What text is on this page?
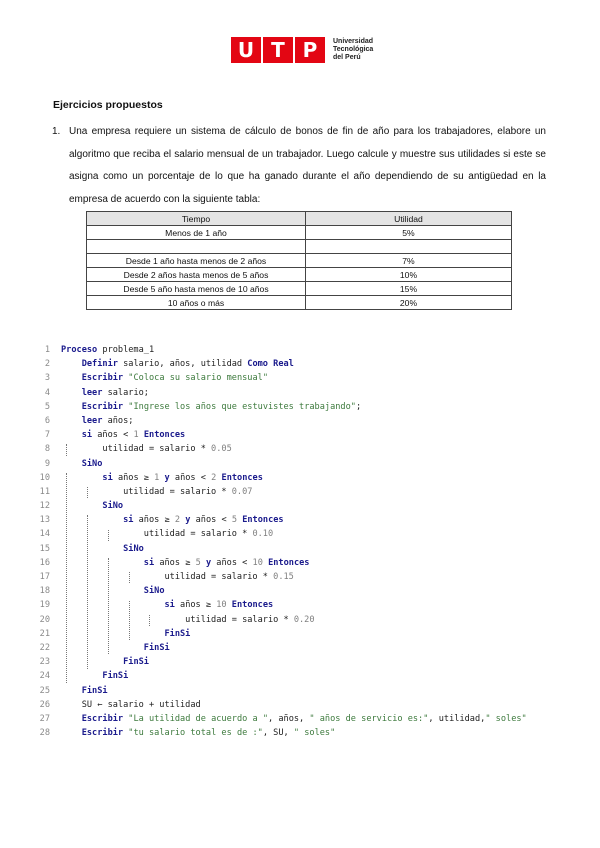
U T P	Universidad
Tecnológica
del Perú
Ejercicios propuestos
1. Una empresa requiere un sistema de cálculo de bonos de fin de año para los trabajadores, elabore un algoritmo que reciba el salario mensual de un trabajador. Luego calcule y muestre sus utilidades si este se asigna como un porcentaje de lo que ha ganado durante el año dependiendo de su antigüedad en la empresa de acuerdo con la siguiente tabla:
Tiempo	Utilidad
Menos de 1 año	5%

Desde 1 año hasta menos de 2 años	7%
Desde 2 años hasta menos de 5 años	10%
Desde 5 año hasta menos de 10 años	15%
10 años o más	20%
1 Proceso problema_1
2	Definir salario, años, utilidad Como Real
3	Escribir "Coloca su salario mensual"
4	leer salario;
5	Escribir "Ingrese los años que estuvistes trabajando";
6	leer años;
7	si años < 1 Entonces
8 utilidad = salario * 0.05
9	SiNo
10	si años ≥ 1 y años < 2 Entonces
11 utilidad = salario * 0.07
12	SiNo
13	si años ≥ 2 y años < 5 Entonces
14 utilidad = salario * 0.10
15	SiNo
16	si años ≥ 5 y años < 10 Entonces
17 utilidad = salario * 0.15
18	SiNo
19	si años ≥ 10 Entonces
20 utilidad = salario * 0.20
21	FinSi
22	FinSi
23	FinSi
24	FinSi
25	FinSi
26 SU ← salario + utilidad
27	Escribir "La utilidad de acuerdo a ", años, " años de servicio es:", utilidad," soles"
28	Escribir "tu salario total es de :", SU, " soles"
